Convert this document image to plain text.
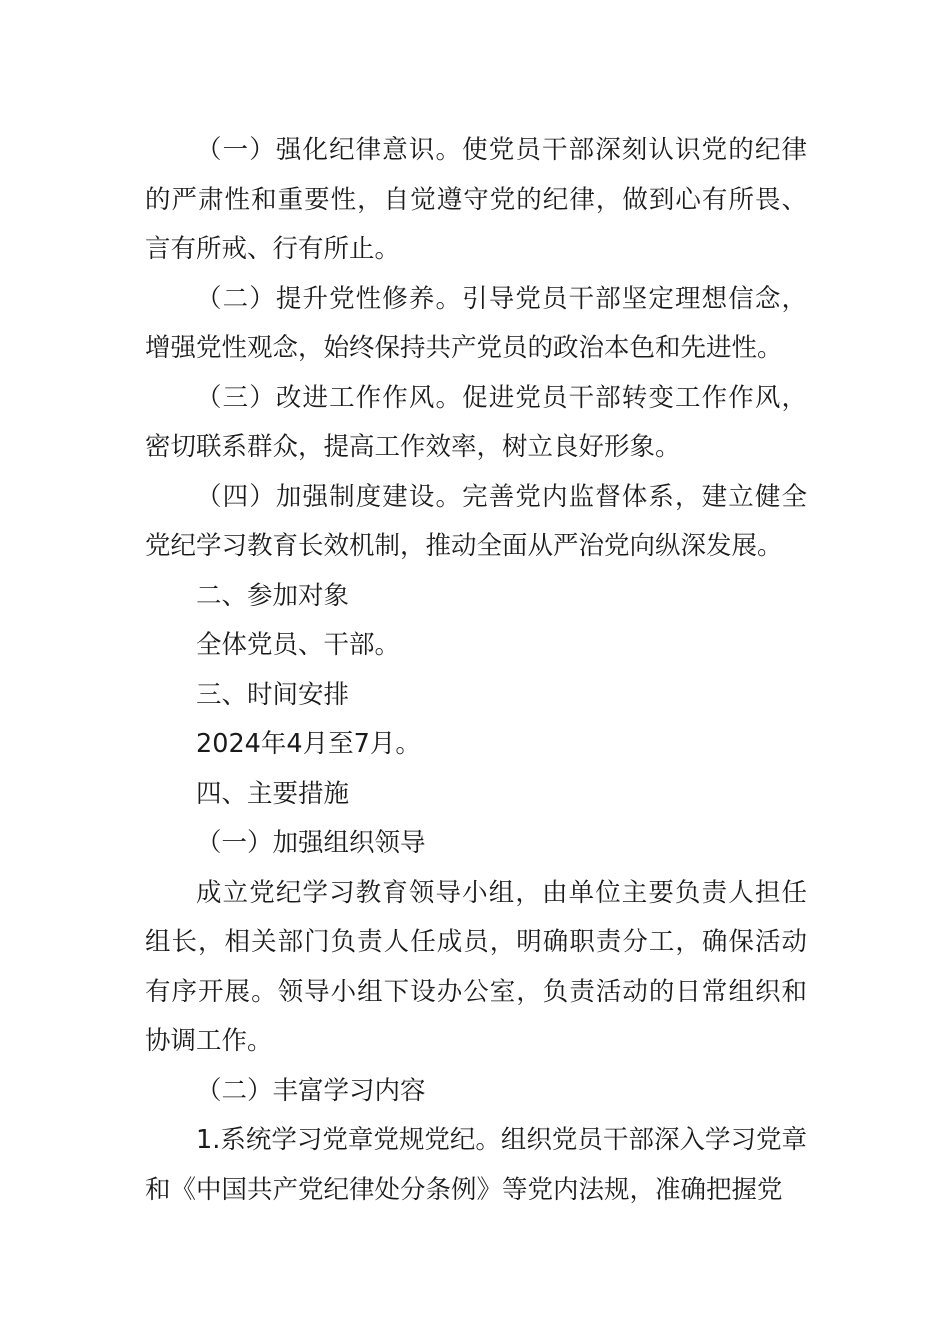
（一）强化纪律意识。使党员干部深刻认识党的纪律的严肃性和重要性，自觉遵守党的纪律，做到心有所畏、言有所戒、行有所止。

（二）提升党性修养。引导党员干部坚定理想信念，增强党性观念，始终保持共产党员的政治本色和先进性。

（三）改进工作作风。促进党员干部转变工作作风，密切联系群众，提高工作效率，树立良好形象。

（四）加强制度建设。完善党内监督体系，建立健全党纪学习教育长效机制，推动全面从严治党向纵深发展。

二、参加对象

全体党员、干部。

三、时间安排

2024年4月至7月。

四、主要措施

（一）加强组织领导

成立党纪学习教育领导小组，由单位主要负责人担任组长，相关部门负责人任成员，明确职责分工，确保活动有序开展。领导小组下设办公室，负责活动的日常组织和协调工作。

（二）丰富学习内容

1.系统学习党章党规党纪。组织党员干部深入学习党章和《中国共产党纪律处分条例》等党内法规，准确把握党
